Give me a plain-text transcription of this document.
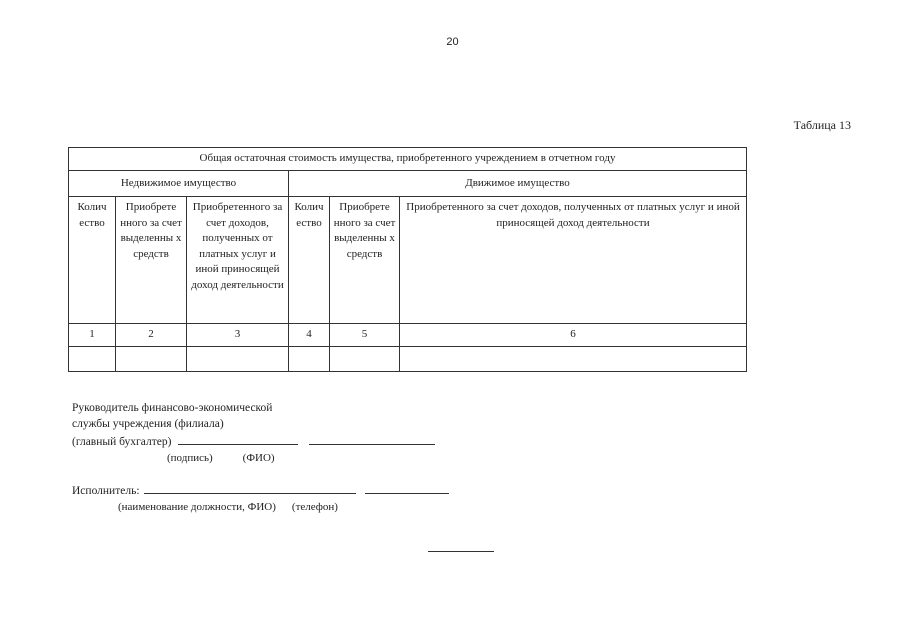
20
Таблица 13
Общая остаточная стоимость имущества, приобретенного учреждением в отчетном году					
Недвижимое имущество			Движимое имущество		
Колич ество	Приобрете нного за счет выделенны х средств	Приобретенного за счет доходов, полученных от платных услуг и иной приносящей доход деятельности	Колич ество	Приобрете нного за счет выделенны х средств	Приобретенного за счет доходов, полученных от платных услуг и иной приносящей доход деятельности
1	2	3	4	5	6

Руководитель финансово-экономической
службы учреждения (филиала)
(главный бухгалтер)
(подпись)	(ФИО)
Исполнитель:
(наименование должности, ФИО) (телефон)
